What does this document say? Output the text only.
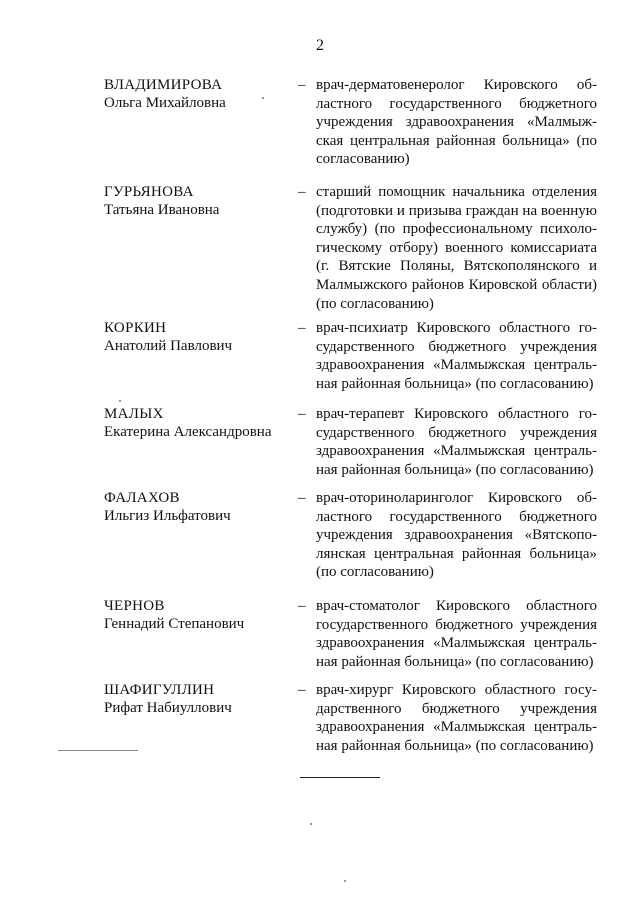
2
ВЛАДИМИРОВА
Ольга Михайловна
– врач-дерматовенеролог Кировского об-
ластного государственного бюджетного
учреждения здравоохранения «Малмыж-
ская центральная районная больница» (по
согласованию)
ГУРЬЯНОВА
Татьяна Ивановна
– старший помощник начальника отделения
(подготовки и призыва граждан на военную
службу) (по профессиональному психоло-
гическому отбору) военного комиссариата
(г. Вятские Поляны, Вятскополянского и
Малмыжского районов Кировской области)
(по согласованию)
КОРКИН
Анатолий Павлович
– врач-психиатр Кировского областного го-
сударственного бюджетного учреждения
здравоохранения «Малмыжская централь-
ная районная больница» (по согласованию)
МАЛЫХ
Екатерина Александровна
– врач-терапевт Кировского областного го-
сударственного бюджетного учреждения
здравоохранения «Малмыжская централь-
ная районная больница» (по согласованию)
ФАЛАХОВ
Ильгиз Ильфатович
– врач-оториноларинголог Кировского об-
ластного государственного бюджетного
учреждения здравоохранения «Вятскопо-
лянская центральная районная больница»
(по согласованию)
ЧЕРНОВ
Геннадий Степанович
– врач-стоматолог Кировского областного
государственного бюджетного учреждения
здравоохранения «Малмыжская централь-
ная районная больница» (по согласованию)
ШАФИГУЛЛИН
Рифат Набиуллович
– врач-хирург Кировского областного госу-
дарственного бюджетного учреждения
здравоохранения «Малмыжская централь-
ная районная больница» (по согласованию)
